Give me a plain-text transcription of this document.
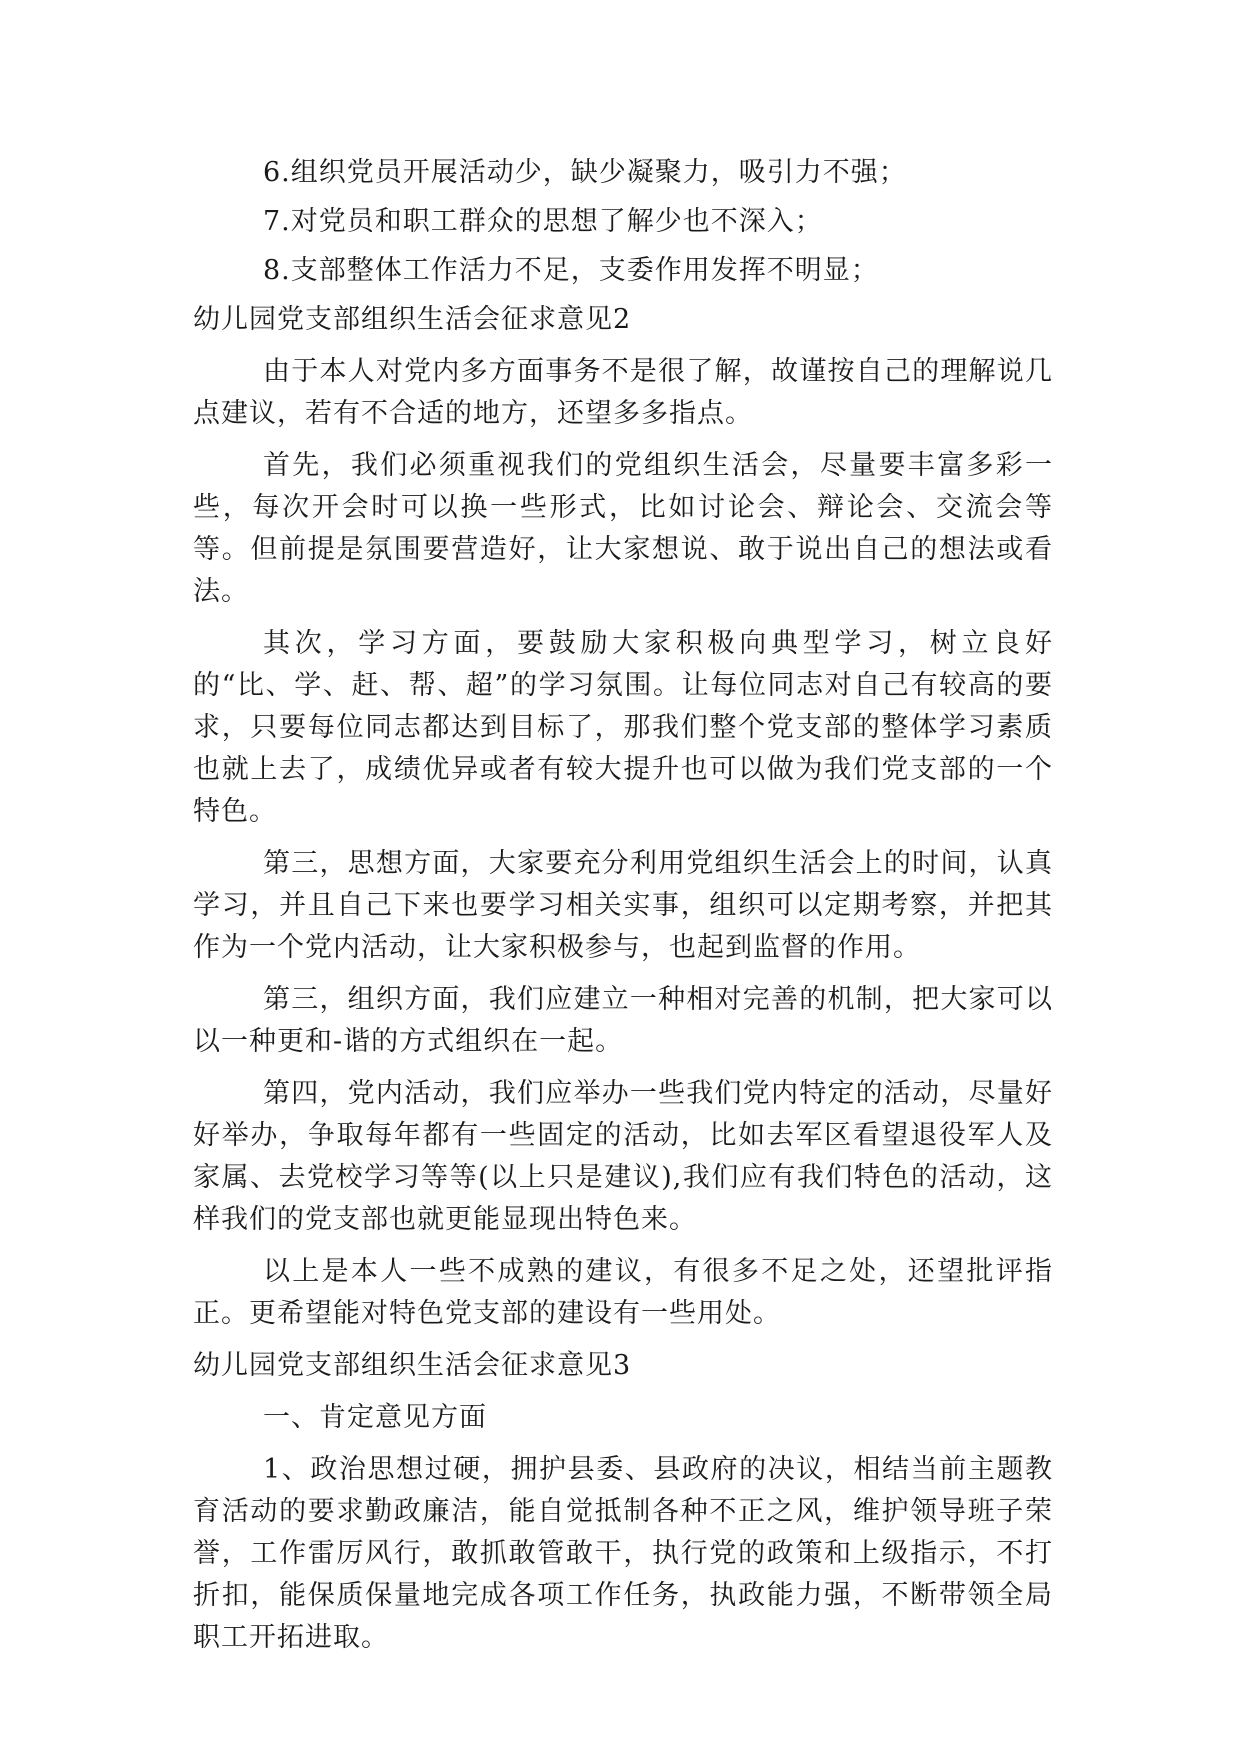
6.组织党员开展活动少，缺少凝聚力，吸引力不强；

7.对党员和职工群众的思想了解少也不深入；

8.支部整体工作活力不足，支委作用发挥不明显；

幼儿园党支部组织生活会征求意见2

由于本人对党内多方面事务不是很了解，故谨按自己的理解说几点建议，若有不合适的地方，还望多多指点。

首先，我们必须重视我们的党组织生活会，尽量要丰富多彩一些，每次开会时可以换一些形式，比如讨论会、辩论会、交流会等等。但前提是氛围要营造好，让大家想说、敢于说出自己的想法或看法。

其次，学习方面，要鼓励大家积极向典型学习，树立良好的“比、学、赶、帮、超”的学习氛围。让每位同志对自己有较高的要求，只要每位同志都达到目标了，那我们整个党支部的整体学习素质也就上去了，成绩优异或者有较大提升也可以做为我们党支部的一个特色。

第三，思想方面，大家要充分利用党组织生活会上的时间，认真学习，并且自己下来也要学习相关实事，组织可以定期考察，并把其作为一个党内活动，让大家积极参与，也起到监督的作用。

第三，组织方面，我们应建立一种相对完善的机制，把大家可以以一种更和-谐的方式组织在一起。

第四，党内活动，我们应举办一些我们党内特定的活动，尽量好好举办，争取每年都有一些固定的活动，比如去军区看望退役军人及家属、去党校学习等等(以上只是建议),我们应有我们特色的活动，这样我们的党支部也就更能显现出特色来。

以上是本人一些不成熟的建议，有很多不足之处，还望批评指正。更希望能对特色党支部的建设有一些用处。

幼儿园党支部组织生活会征求意见3

一、肯定意见方面

1、政治思想过硬，拥护县委、县政府的决议，相结当前主题教育活动的要求勤政廉洁，能自觉抵制各种不正之风，维护领导班子荣誉，工作雷厉风行，敢抓敢管敢干，执行党的政策和上级指示，不打折扣，能保质保量地完成各项工作任务，执政能力强，不断带领全局职工开拓进取。
